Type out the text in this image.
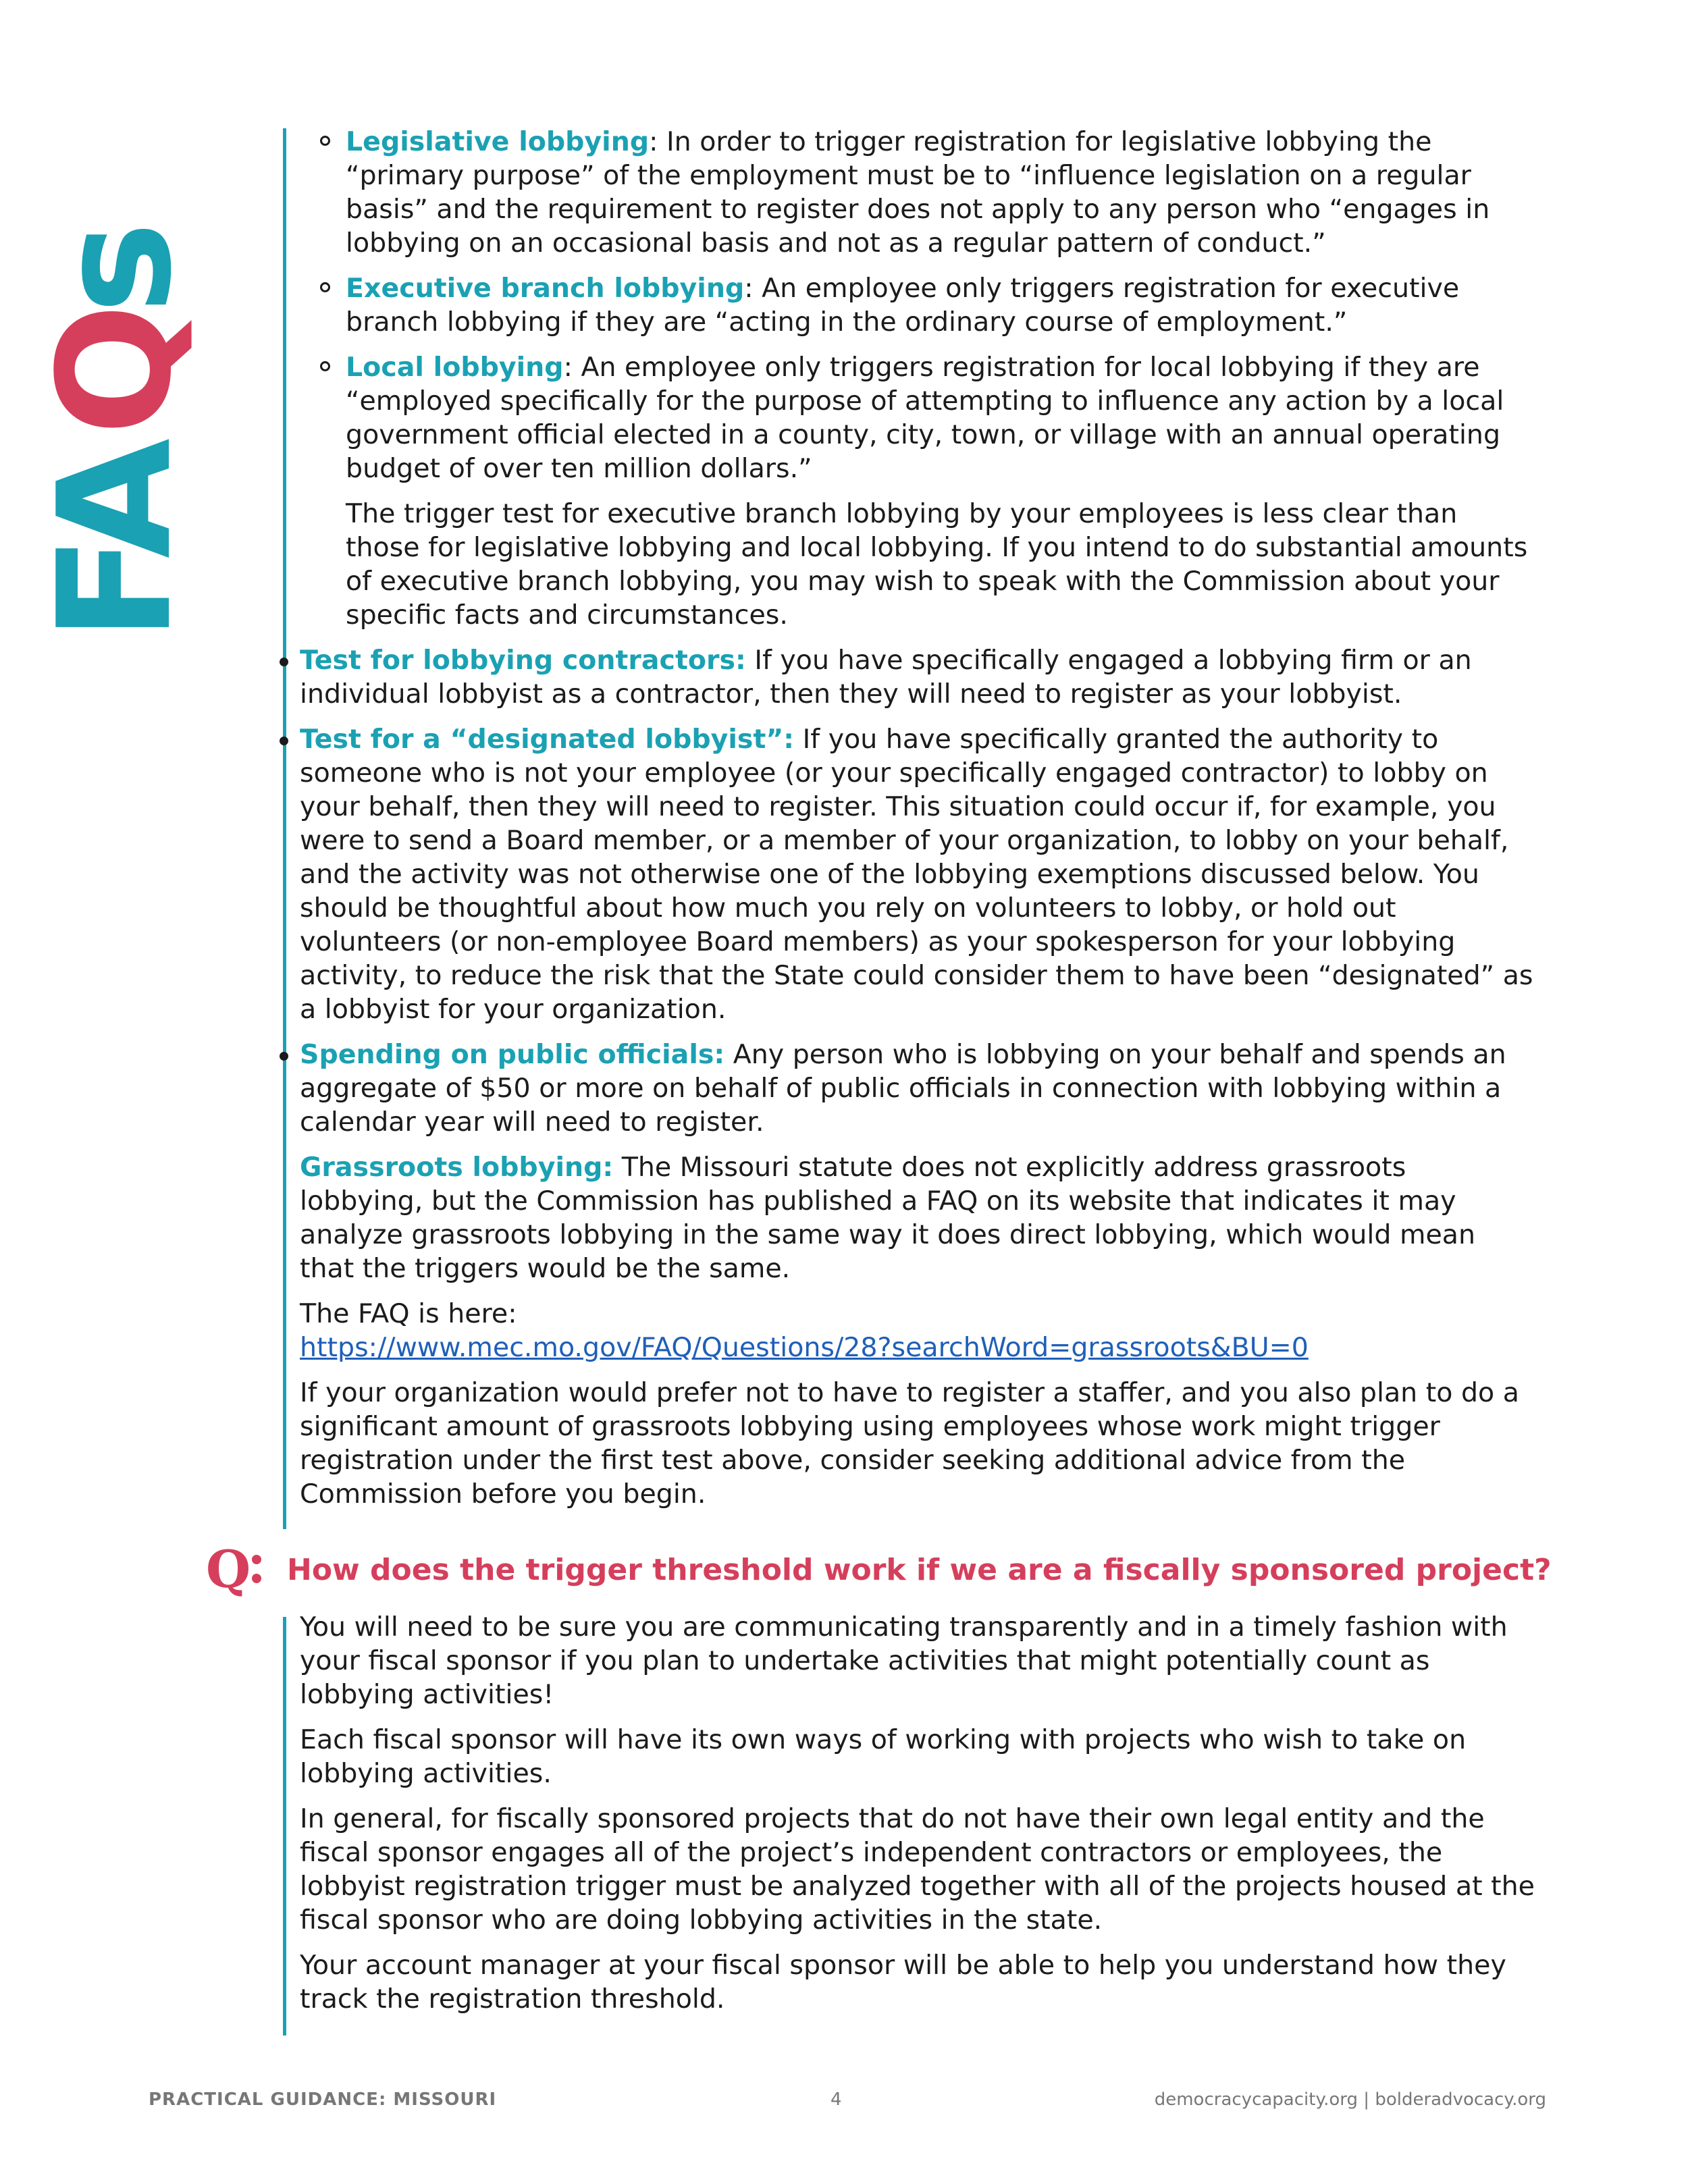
FA
Q
s
Legislative lobbying: In order to trigger registration for legislative lobbying the “primary purpose” of the employment must be to “influence legislation on a regular basis” and the requirement to register does not apply to any person who “engages in lobbying on an occasional basis and not as a regular pattern of conduct.”
Executive branch lobbying: An employee only triggers registration for executive branch lobbying if they are “acting in the ordinary course of employment.”
Local lobbying: An employee only triggers registration for local lobbying if they are “employed specifically for the purpose of attempting to influence any action by a local government official elected in a county, city, town, or village with an annual operating budget of over ten million dollars.”
The trigger test for executive branch lobbying by your employees is less clear than those for legislative lobbying and local lobbying. If you intend to do substantial amounts of executive branch lobbying, you may wish to speak with the Commission about your specific facts and circumstances.
Test for lobbying contractors: If you have specifically engaged a lobbying firm or an individual lobbyist as a contractor, then they will need to register as your lobbyist.
Test for a “designated lobbyist”: If you have specifically granted the authority to someone who is not your employee (or your specifically engaged contractor) to lobby on your behalf, then they will need to register. This situation could occur if, for example, you were to send a Board member, or a member of your organization, to lobby on your behalf, and the activity was not otherwise one of the lobbying exemptions discussed below. You should be thoughtful about how much you rely on volunteers to lobby, or hold out volunteers (or non-employee Board members) as your spokesperson for your lobbying activity, to reduce the risk that the State could consider them to have been “designated” as a lobbyist for your organization.
Spending on public officials: Any person who is lobbying on your behalf and spends an aggregate of $50 or more on behalf of public officials in connection with lobbying within a calendar year will need to register.
Grassroots lobbying: The Missouri statute does not explicitly address grassroots lobbying, but the Commission has published a FAQ on its website that indicates it may analyze grassroots lobbying in the same way it does direct lobbying, which would mean that the triggers would be the same.
The FAQ is here:
https://www.mec.mo.gov/FAQ/Questions/28?searchWord=grassroots&BU=0
If your organization would prefer not to have to register a staffer, and you also plan to do a significant amount of grassroots lobbying using employees whose work might trigger registration under the first test above, consider seeking additional advice from the Commission before you begin.
Q How does the trigger threshold work if we are a fiscally sponsored project?
You will need to be sure you are communicating transparently and in a timely fashion with your fiscal sponsor if you plan to undertake activities that might potentially count as lobbying activities!
Each fiscal sponsor will have its own ways of working with projects who wish to take on lobbying activities.
In general, for fiscally sponsored projects that do not have their own legal entity and the fiscal sponsor engages all of the project’s independent contractors or employees, the lobbyist registration trigger must be analyzed together with all of the projects housed at the fiscal sponsor who are doing lobbying activities in the state.
Your account manager at your fiscal sponsor will be able to help you understand how they track the registration threshold.
PRACTICAL GUIDANCE: MISSOURI	4	democracycapacity.org | bolderadvocacy.org
